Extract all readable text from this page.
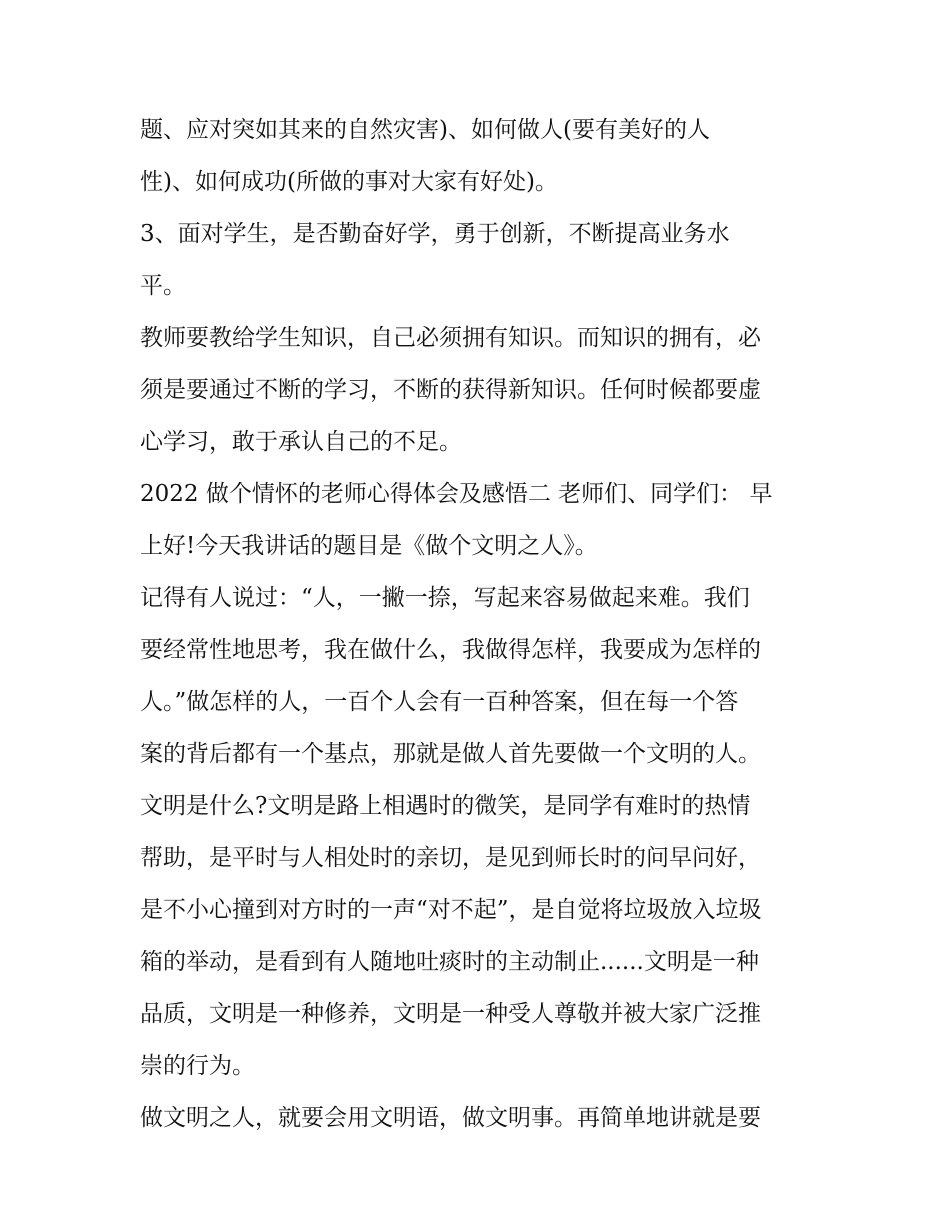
题、应对突如其来的自然灾害)、如何做人(要有美好的人

性)、如何成功(所做的事对大家有好处)。

3、面对学生，是否勤奋好学，勇于创新，不断提高业务水

平。

教师要教给学生知识，自己必须拥有知识。而知识的拥有，必

须是要通过不断的学习，不断的获得新知识。任何时候都要虚

心学习，敢于承认自己的不足。

2022 做个情怀的老师心得体会及感悟二 老师们、同学们： 早

上好!今天我讲话的题目是《做个文明之人》。

记得有人说过：“人，一撇一捺，写起来容易做起来难。我们

要经常性地思考，我在做什么，我做得怎样，我要成为怎样的

人。”做怎样的人，一百个人会有一百种答案，但在每一个答

案的背后都有一个基点，那就是做人首先要做一个文明的人。

文明是什么?文明是路上相遇时的微笑，是同学有难时的热情

帮助，是平时与人相处时的亲切，是见到师长时的问早问好，

是不小心撞到对方时的一声“对不起”，是自觉将垃圾放入垃圾

箱的举动，是看到有人随地吐痰时的主动制止......文明是一种

品质，文明是一种修养，文明是一种受人尊敬并被大家广泛推

崇的行为。

做文明之人，就要会用文明语，做文明事。再简单地讲就是要
